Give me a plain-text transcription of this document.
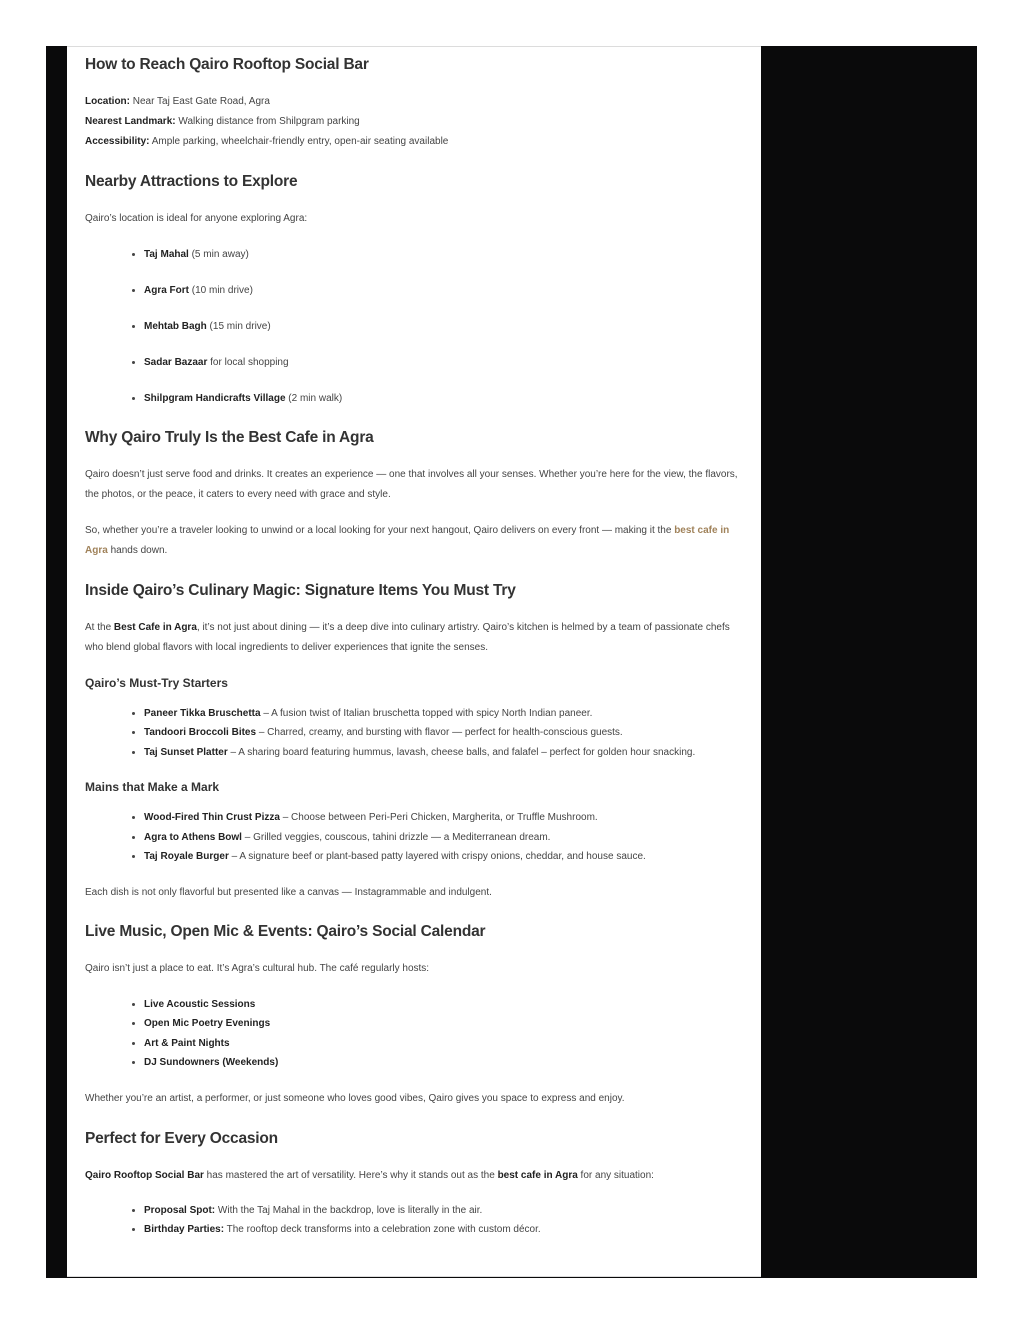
How to Reach Qairo Rooftop Social Bar

Location: Near Taj East Gate Road, Agra

Nearest Landmark: Walking distance from Shilpgram parking

Accessibility: Ample parking, wheelchair-friendly entry, open-air seating available

Nearby Attractions to Explore

Qairo’s location is ideal for anyone exploring Agra:

• Taj Mahal (5 min away)
• Agra Fort (10 min drive)
• Mehtab Bagh (15 min drive)
• Sadar Bazaar for local shopping
• Shilpgram Handicrafts Village (2 min walk)
Why Qairo Truly Is the Best Cafe in Agra

Qairo doesn’t just serve food and drinks. It creates an experience — one that involves all your senses. Whether you’re here for the view, the flavors, the photos, or the peace, it caters to every need with grace and style.

So, whether you’re a traveler looking to unwind or a local looking for your next hangout, Qairo delivers on every front — making it the best cafe in Agra hands down.

Inside Qairo’s Culinary Magic: Signature Items You Must Try

At the Best Cafe in Agra, it’s not just about dining — it’s a deep dive into culinary artistry. Qairo’s kitchen is helmed by a team of passionate chefs who blend global flavors with local ingredients to deliver experiences that ignite the senses.

Qairo’s Must-Try Starters
• Paneer Tikka Bruschetta – A fusion twist of Italian bruschetta topped with spicy North Indian paneer.
• Tandoori Broccoli Bites – Charred, creamy, and bursting with flavor — perfect for health-conscious guests.
• Taj Sunset Platter – A sharing board featuring hummus, lavash, cheese balls, and falafel – perfect for golden hour snacking.
Mains that Make a Mark
• Wood-Fired Thin Crust Pizza – Choose between Peri-Peri Chicken, Margherita, or Truffle Mushroom.
• Agra to Athens Bowl – Grilled veggies, couscous, tahini drizzle — a Mediterranean dream.
• Taj Royale Burger – A signature beef or plant-based patty layered with crispy onions, cheddar, and house sauce.

Each dish is not only flavorful but presented like a canvas — Instagrammable and indulgent.

Live Music, Open Mic & Events: Qairo’s Social Calendar

Qairo isn’t just a place to eat. It’s Agra’s cultural hub. The café regularly hosts:

• Live Acoustic Sessions
• Open Mic Poetry Evenings
• Art & Paint Nights
• DJ Sundowners (Weekends)

Whether you’re an artist, a performer, or just someone who loves good vibes, Qairo gives you space to express and enjoy.

Perfect for Every Occasion

Qairo Rooftop Social Bar has mastered the art of versatility. Here’s why it stands out as the best cafe in Agra for any situation:

• Proposal Spot: With the Taj Mahal in the backdrop, love is literally in the air.
• Birthday Parties: The rooftop deck transforms into a celebration zone with custom décor.
